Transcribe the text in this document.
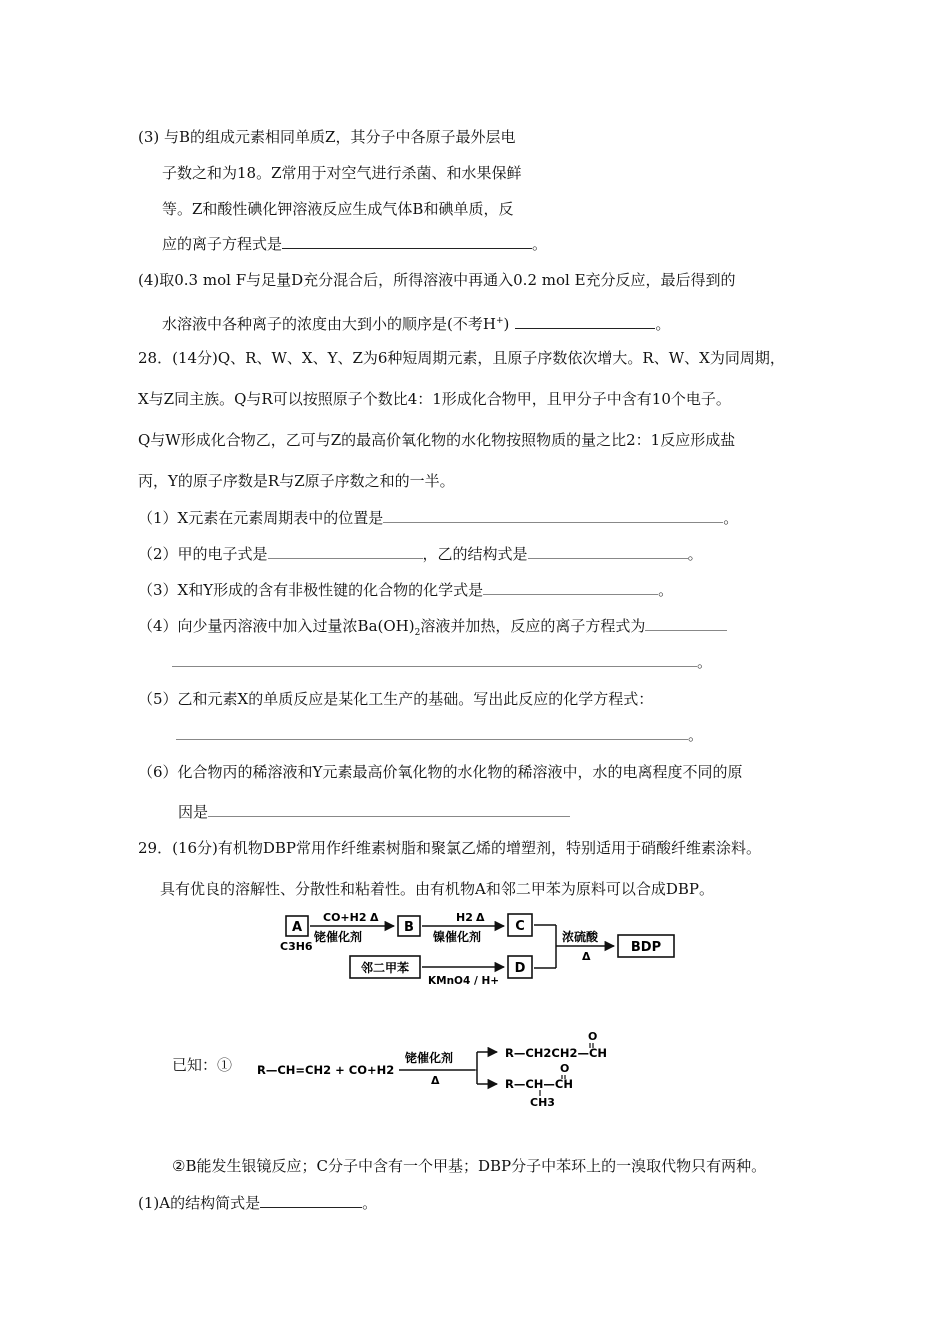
(3) 与B的组成元素相同单质Z，其分子中各原子最外层电
子数之和为18。Z常用于对空气进行杀菌、和水果保鲜
等。Z和酸性碘化钾溶液反应生成气体B和碘单质，反
应的离子方程式是	。
(4)取0.3 mol F与足量D充分混合后，所得溶液中再通入0.2 mol E充分反应，最后得到的
水溶液中各种离子的浓度由大到小的顺序是(不考H+)	。
28．(14分)Q、R、W、X、Y、Z为6种短周期元素，且原子序数依次增大。R、W、X为同周期，
X与Z同主族。Q与R可以按照原子个数比4：1形成化合物甲，且甲分子中含有10个电子。
Q与W形成化合物乙，乙可与Z的最高价氧化物的水化物按照物质的量之比2：1反应形成盐
丙，Y的原子序数是R与Z原子序数之和的一半。
（1）X元素在元素周期表中的位置是	。
（2）甲的电子式是	，乙的结构式是	。
（3）X和Y形成的含有非极性键的化合物的化学式是	。
（4）向少量丙溶液中加入过量浓$Ba(OH)_2$溶液并加热，反应的离子方程式为
。
（5）乙和元素X的单质反应是某化工生产的基础。写出此反应的化学方程式：
。
（6）化合物丙的稀溶液和Y元素最高价氧化物的水化物的稀溶液中，水的电离程度不同的原
因是
29．(16分)有机物DBP常用作纤维素树脂和聚氯乙烯的增塑剂，特别适用于硝酸纤维素涂料。
具有优良的溶解性、分散性和粘着性。由有机物A和邻二甲苯为原料可以合成DBP。
A
C3H6
CO+H2 Δ
铑催化剂
B
H2 Δ
镍催化剂
C
浓硫酸
Δ
BDP
邻二甲苯
KMnO4 / H+
D
已知：① R—CH=CH2 + CO+H2
铑催化剂
Δ
R—CH2CH2—CH
O
R—CH—CH
O
CH3
②B能发生银镜反应；C分子中含有一个甲基；DBP分子中苯环上的一溴取代物只有两种。
(1)A的结构简式是	。
